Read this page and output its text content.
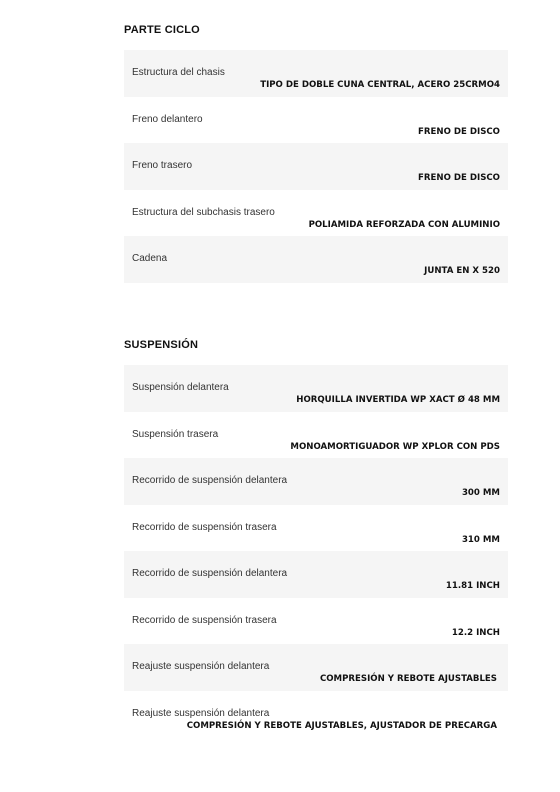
PARTE CICLO
Estructura del chasis
TIPO DE DOBLE CUNA CENTRAL, ACERO 25CRMO4
Freno delantero
FRENO DE DISCO
Freno trasero
FRENO DE DISCO
Estructura del subchasis trasero
POLIAMIDA REFORZADA CON ALUMINIO
Cadena
JUNTA EN X 520
SUSPENSIÓN
Suspensión delantera
HORQUILLA INVERTIDA WP XACT Ø 48 MM
Suspensión trasera
MONOAMORTIGUADOR WP XPLOR CON PDS
Recorrido de suspensión delantera
300 MM
Recorrido de suspensión trasera
310 MM
Recorrido de suspensión delantera
11.81 INCH
Recorrido de suspensión trasera
12.2 INCH
Reajuste suspensión delantera
COMPRESIÓN Y REBOTE AJUSTABLES
Reajuste suspensión delantera
COMPRESIÓN Y REBOTE AJUSTABLES, AJUSTADOR DE PRECARGA
